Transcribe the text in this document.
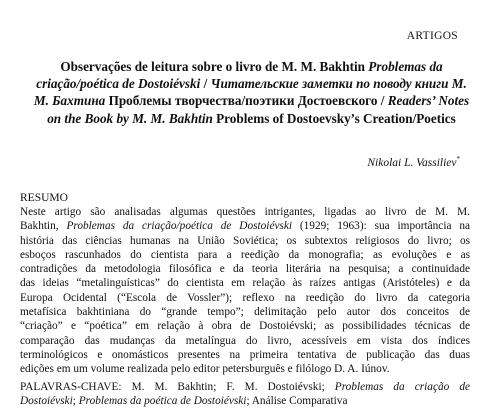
ARTIGOS
Observações de leitura sobre o livro de M. M. Bakhtin Problemas da criação/poética de Dostoiévski / Читательские заметки по поводу книги М. М. Бахтина Проблемы творчества/поэтики Достоевского / Readers’ Notes on the Book by M. M. Bakhtin Problems of Dostoevsky’s Creation/Poetics
Nikolai L. Vassiliev*
RESUMO
Neste artigo são analisadas algumas questões intrigantes, ligadas ao livro de M. M.
Bakhtin, Problemas da criação/poética de Dostoiévski (1929; 1963): sua importância na
história das ciências humanas na União Soviética; os subtextos religiosos do livro; os
esboços rascunhados do cientista para a reedição da monografia; as evoluções e as
contradições da metodologia filosófica e da teoria literária na pesquisa; a continuidade
das ideias “metalinguísticas” do cientista em relação às raízes antigas (Aristóteles) e da
Europa Ocidental (“Escola de Vossler”); reflexo na reedição do livro da categoria
metafísica bakhtiniana do “grande tempo”; delimitação pelo autor dos conceitos de
“criação” e “poética” em relação à obra de Dostoiévski; as possibilidades técnicas de
comparação das mudanças da metalíngua do livro, acessíveis em vista dos índices
terminológicos e onomásticos presentes na primeira tentativa de publicação das duas
edições em um volume realizada pelo editor petersburguês e filólogo D. A. Iúnov.
PALAVRAS-CHAVE: M. M. Bakhtin; F. M. Dostoiévski; Problemas da criação de
Dostoiévski; Problemas da poética de Dostoiévski; Análise Comparativa
